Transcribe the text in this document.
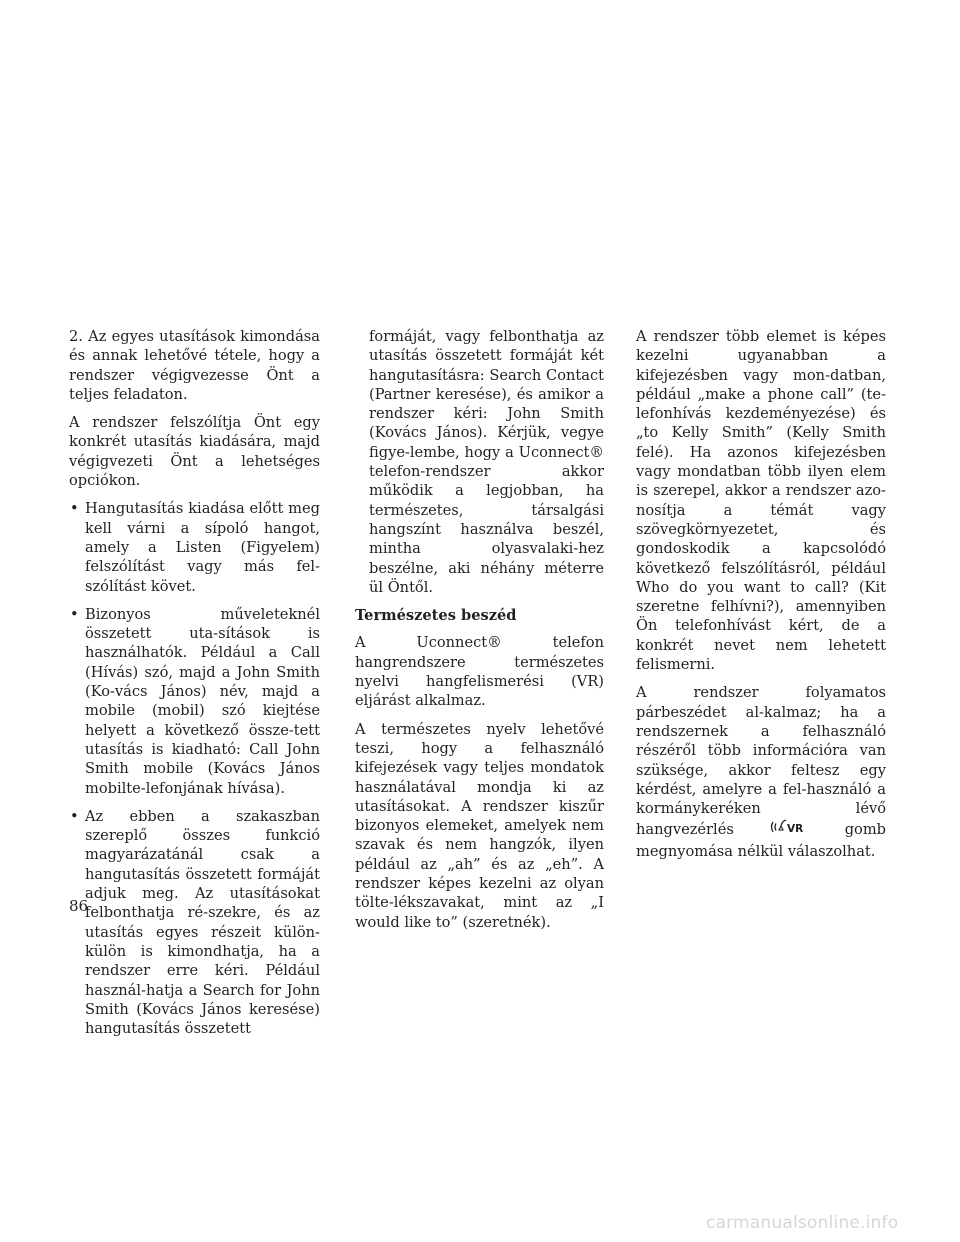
2. Az egyes utasítások kimondása és annak lehetővé tétele, hogy a rendszer végigvezesse Önt a teljes feladaton.

A rendszer felszólítja Önt egy konkrét utasítás kiadására, majd végigvezeti Önt a lehetséges opciókon.

• Hangutasítás kiadása előtt meg kell várni a sípoló hangot, amely a Listen (Figyelem) felszólítást vagy más fel-szólítást követ.
• Bizonyos műveleteknél összetett uta-sítások is használhatók. Például a Call (Hívás) szó, majd a John Smith (Ko-vács János) név, majd a mobile (mobil) szó kiejtése helyett a következő össze-tett utasítás is kiadható: Call John Smith mobile (Kovács János mobilte-lefonjának hívása).
• Az ebben a szakaszban szereplő összes funkció magyarázatánál csak a hangutasítás összetett formáját adjuk meg. Az utasításokat felbonthatja ré-szekre, és az utasítás egyes részeit külön-külön is kimondhatja, ha a rendszer erre kéri. Például használ-hatja a Search for John Smith (Kovács János keresése) hangutasítás összetett

formáját, vagy felbonthatja az utasítás összetett formáját két hangutasításra: Search Contact (Partner keresése), és amikor a rendszer kéri: John Smith (Kovács János). Kérjük, vegye figye-lembe, hogy a Uconnect® telefon-rendszer akkor működik a legjobban, ha természetes, társalgási hangszínt használva beszél, mintha olyasvalaki-hez beszélne, aki néhány méterre ül Öntől.

Természetes beszéd

A Uconnect® telefon hangrendszere természetes nyelvi hangfelismerési (VR) eljárást alkalmaz.

A természetes nyelv lehetővé teszi, hogy a felhasználó kifejezések vagy teljes mondatok használatával mondja ki az utasításokat. A rendszer kiszűr bizonyos elemeket, amelyek nem szavak és nem hangzók, ilyen például az „ah” és az „eh”. A rendszer képes kezelni az olyan tölte-lékszavakat, mint az „I would like to” (szeretnék).

A rendszer több elemet is képes kezelni ugyanabban a kifejezésben vagy mon-datban, például „make a phone call” (te-lefonhívás kezdeményezése) és „to Kelly Smith” (Kelly Smith felé). Ha azonos kifejezésben vagy mondatban több ilyen elem is szerepel, akkor a rendszer azo-nosítja a témát vagy szövegkörnyezetet, és gondoskodik a kapcsolódó következő felszólításról, például Who do you want to call? (Kit szeretne felhívni?), amennyiben Ön telefonhívást kért, de a konkrét nevet nem lehetett felismerni.

A rendszer folyamatos párbeszédet al-kalmaz; ha a rendszernek a felhasználó részéről több információra van szüksége, akkor feltesz egy kérdést, amelyre a fel-használó a kormánykeréken lévő hangvezérlés	VR	gomb megnyomása nélkül válaszolhat.

86
carmanualsonline.info
